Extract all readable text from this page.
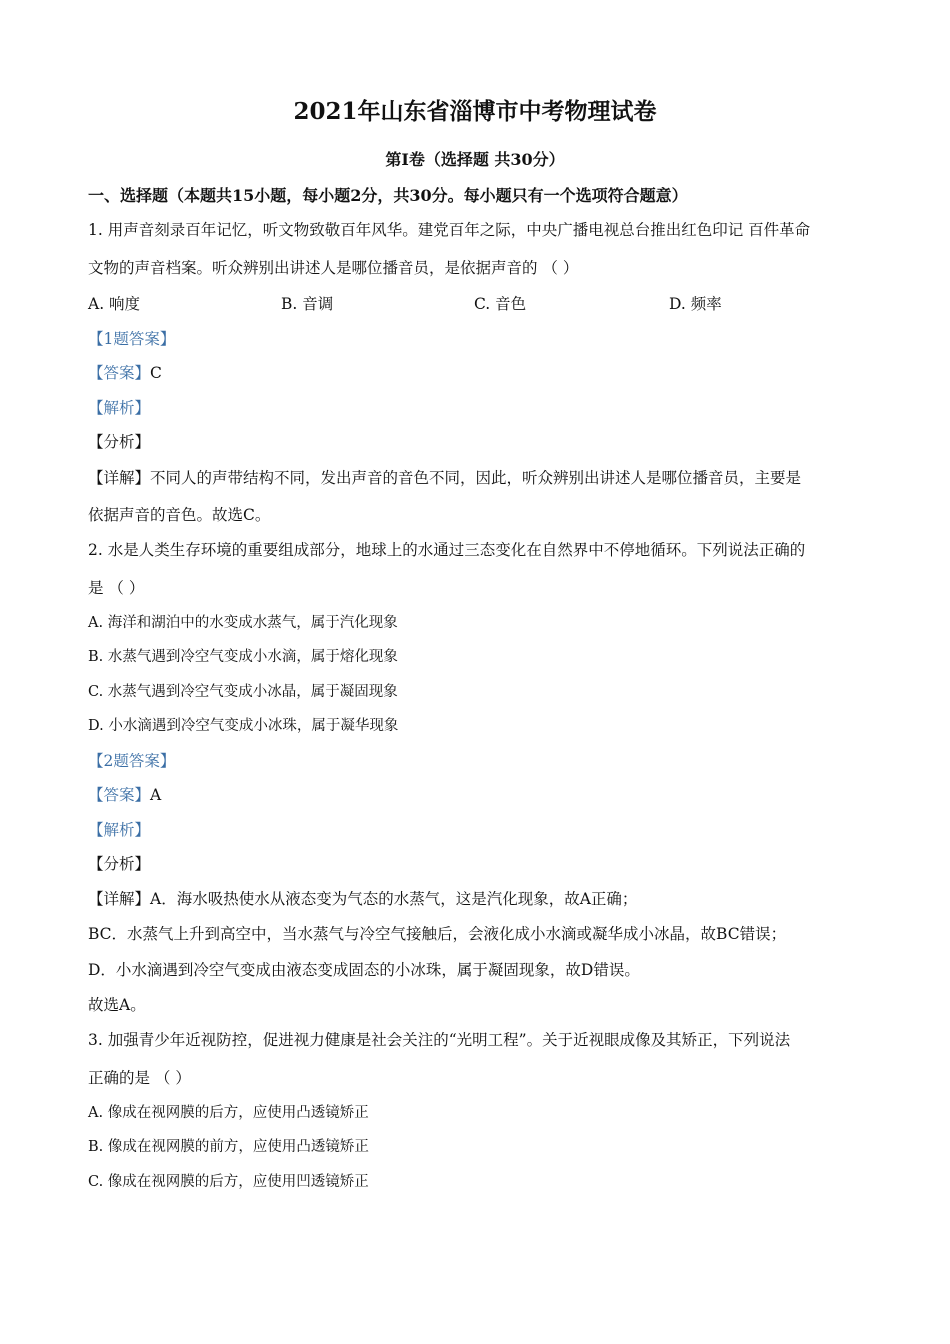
2021年山东省淄博市中考物理试卷
第I卷（选择题 共30分）
一、选择题（本题共15小题，每小题2分，共30分。每小题只有一个选项符合题意）
1. 用声音刻录百年记忆，听文物致敬百年风华。建党百年之际，中央广播电视总台推出红色印记 百件革命
文物的声音档案。听众辨别出讲述人是哪位播音员，是依据声音的 （ ）
A. 响度	B. 音调	C. 音色	D. 频率
【1题答案】
【答案】C
【解析】
【分析】
【详解】不同人的声带结构不同，发出声音的音色不同，因此，听众辨别出讲述人是哪位播音员，主要是
依据声音的音色。故选C。
2. 水是人类生存环境的重要组成部分，地球上的水通过三态变化在自然界中不停地循环。下列说法正确的
是 （ ）
A. 海洋和湖泊中的水变成水蒸气，属于汽化现象
B. 水蒸气遇到冷空气变成小水滴，属于熔化现象
C. 水蒸气遇到冷空气变成小冰晶，属于凝固现象
D. 小水滴遇到冷空气变成小冰珠，属于凝华现象
【2题答案】
【答案】A
【解析】
【分析】
【详解】A．海水吸热使水从液态变为气态的水蒸气，这是汽化现象，故A正确；
BC．水蒸气上升到高空中，当水蒸气与冷空气接触后，会液化成小水滴或凝华成小冰晶，故BC错误；
D．小水滴遇到冷空气变成由液态变成固态的小冰珠，属于凝固现象，故D错误。
故选A。
3. 加强青少年近视防控，促进视力健康是社会关注的“光明工程”。关于近视眼成像及其矫正，下列说法
正确的是 （ ）
A. 像成在视网膜的后方，应使用凸透镜矫正
B. 像成在视网膜的前方，应使用凸透镜矫正
C. 像成在视网膜的后方，应使用凹透镜矫正
